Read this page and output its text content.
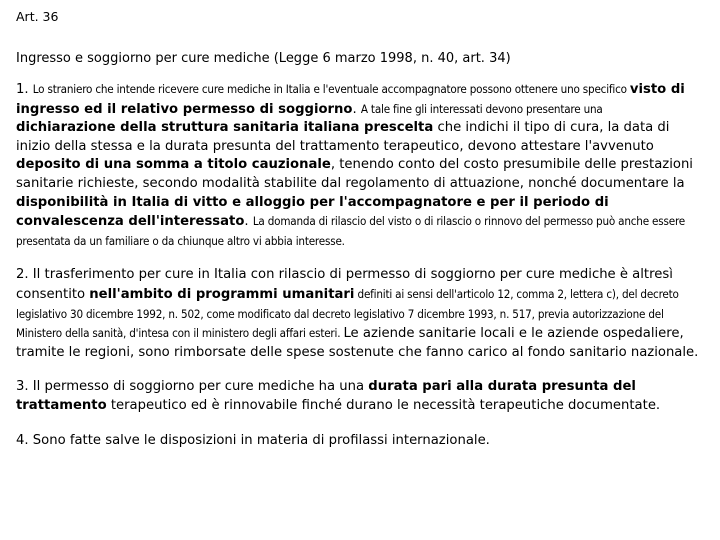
Art. 36

Ingresso e soggiorno per cure mediche (Legge 6 marzo 1998, n. 40, art. 34)

1. Lo straniero che intende ricevere cure mediche in Italia e l'eventuale accompagnatore possono ottenere uno specifico visto di ingresso ed il relativo permesso di soggiorno. A tale fine gli interessati devono presentare una dichiarazione della struttura sanitaria italiana prescelta che indichi il tipo di cura, la data di inizio della stessa e la durata presunta del trattamento terapeutico, devono attestare l'avvenuto deposito di una somma a titolo cauzionale, tenendo conto del costo presumibile delle prestazioni sanitarie richieste, secondo modalità stabilite dal regolamento di attuazione, nonché documentare la disponibilità in Italia di vitto e alloggio per l'accompagnatore e per il periodo di convalescenza dell'interessato. La domanda di rilascio del visto o di rilascio o rinnovo del permesso può anche essere presentata da un familiare o da chiunque altro vi abbia interesse.

2. Il trasferimento per cure in Italia con rilascio di permesso di soggiorno per cure mediche è altresì consentito nell'ambito di programmi umanitari definiti ai sensi dell'articolo 12, comma 2, lettera c), del decreto legislativo 30 dicembre 1992, n. 502, come modificato dal decreto legislativo 7 dicembre 1993, n. 517, previa autorizzazione del Ministero della sanità, d'intesa con il ministero degli affari esteri. Le aziende sanitarie locali e le aziende ospedaliere, tramite le regioni, sono rimborsate delle spese sostenute che fanno carico al fondo sanitario nazionale.

3. Il permesso di soggiorno per cure mediche ha una durata pari alla durata presunta del trattamento terapeutico ed è rinnovabile finché durano le necessità terapeutiche documentate.

4. Sono fatte salve le disposizioni in materia di profilassi internazionale.
